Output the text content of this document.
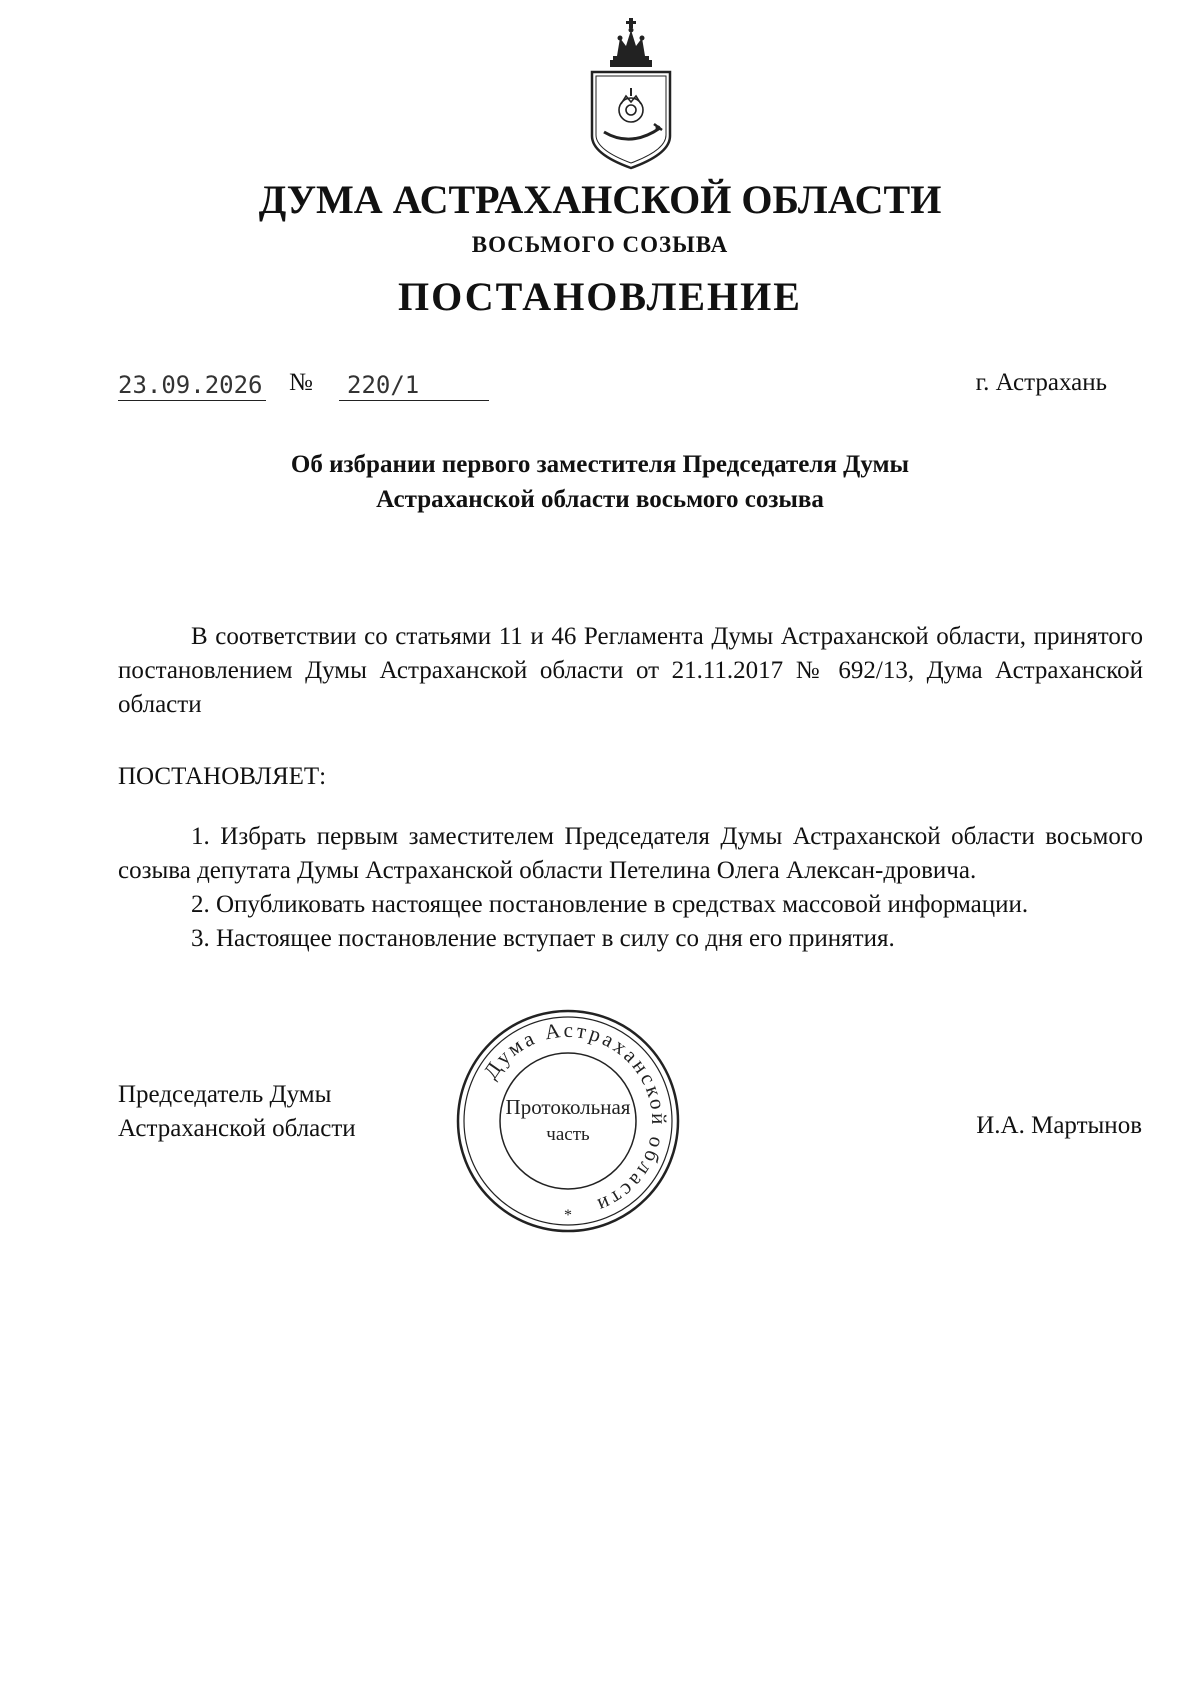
ДУМА АСТРАХАНСКОЙ ОБЛАСТИ
ВОСЬМОГО СОЗЫВА
ПОСТАНОВЛЕНИЕ
23.09.2026 №	220/1	г. Астрахань
Об избрании первого заместителя Председателя Думы
Астраханской области восьмого созыва
В соответствии со статьями 11 и 46 Регламента Думы Астраханской области, принятого постановлением Думы Астраханской области от 21.11.2017 № 692/13, Дума Астраханской области
ПОСТАНОВЛЯЕТ:
1. Избрать первым заместителем Председателя Думы Астраханской области восьмого созыва депутата Думы Астраханской области Петелина Олега Алексан-дровича.
2. Опубликовать настоящее постановление в средствах массовой информации.
3. Настоящее постановление вступает в силу со дня его принятия.
Председатель Думы
Астраханской области	И.А. Мартынов
Думa Астраханской области
Протокольная
часть
*
